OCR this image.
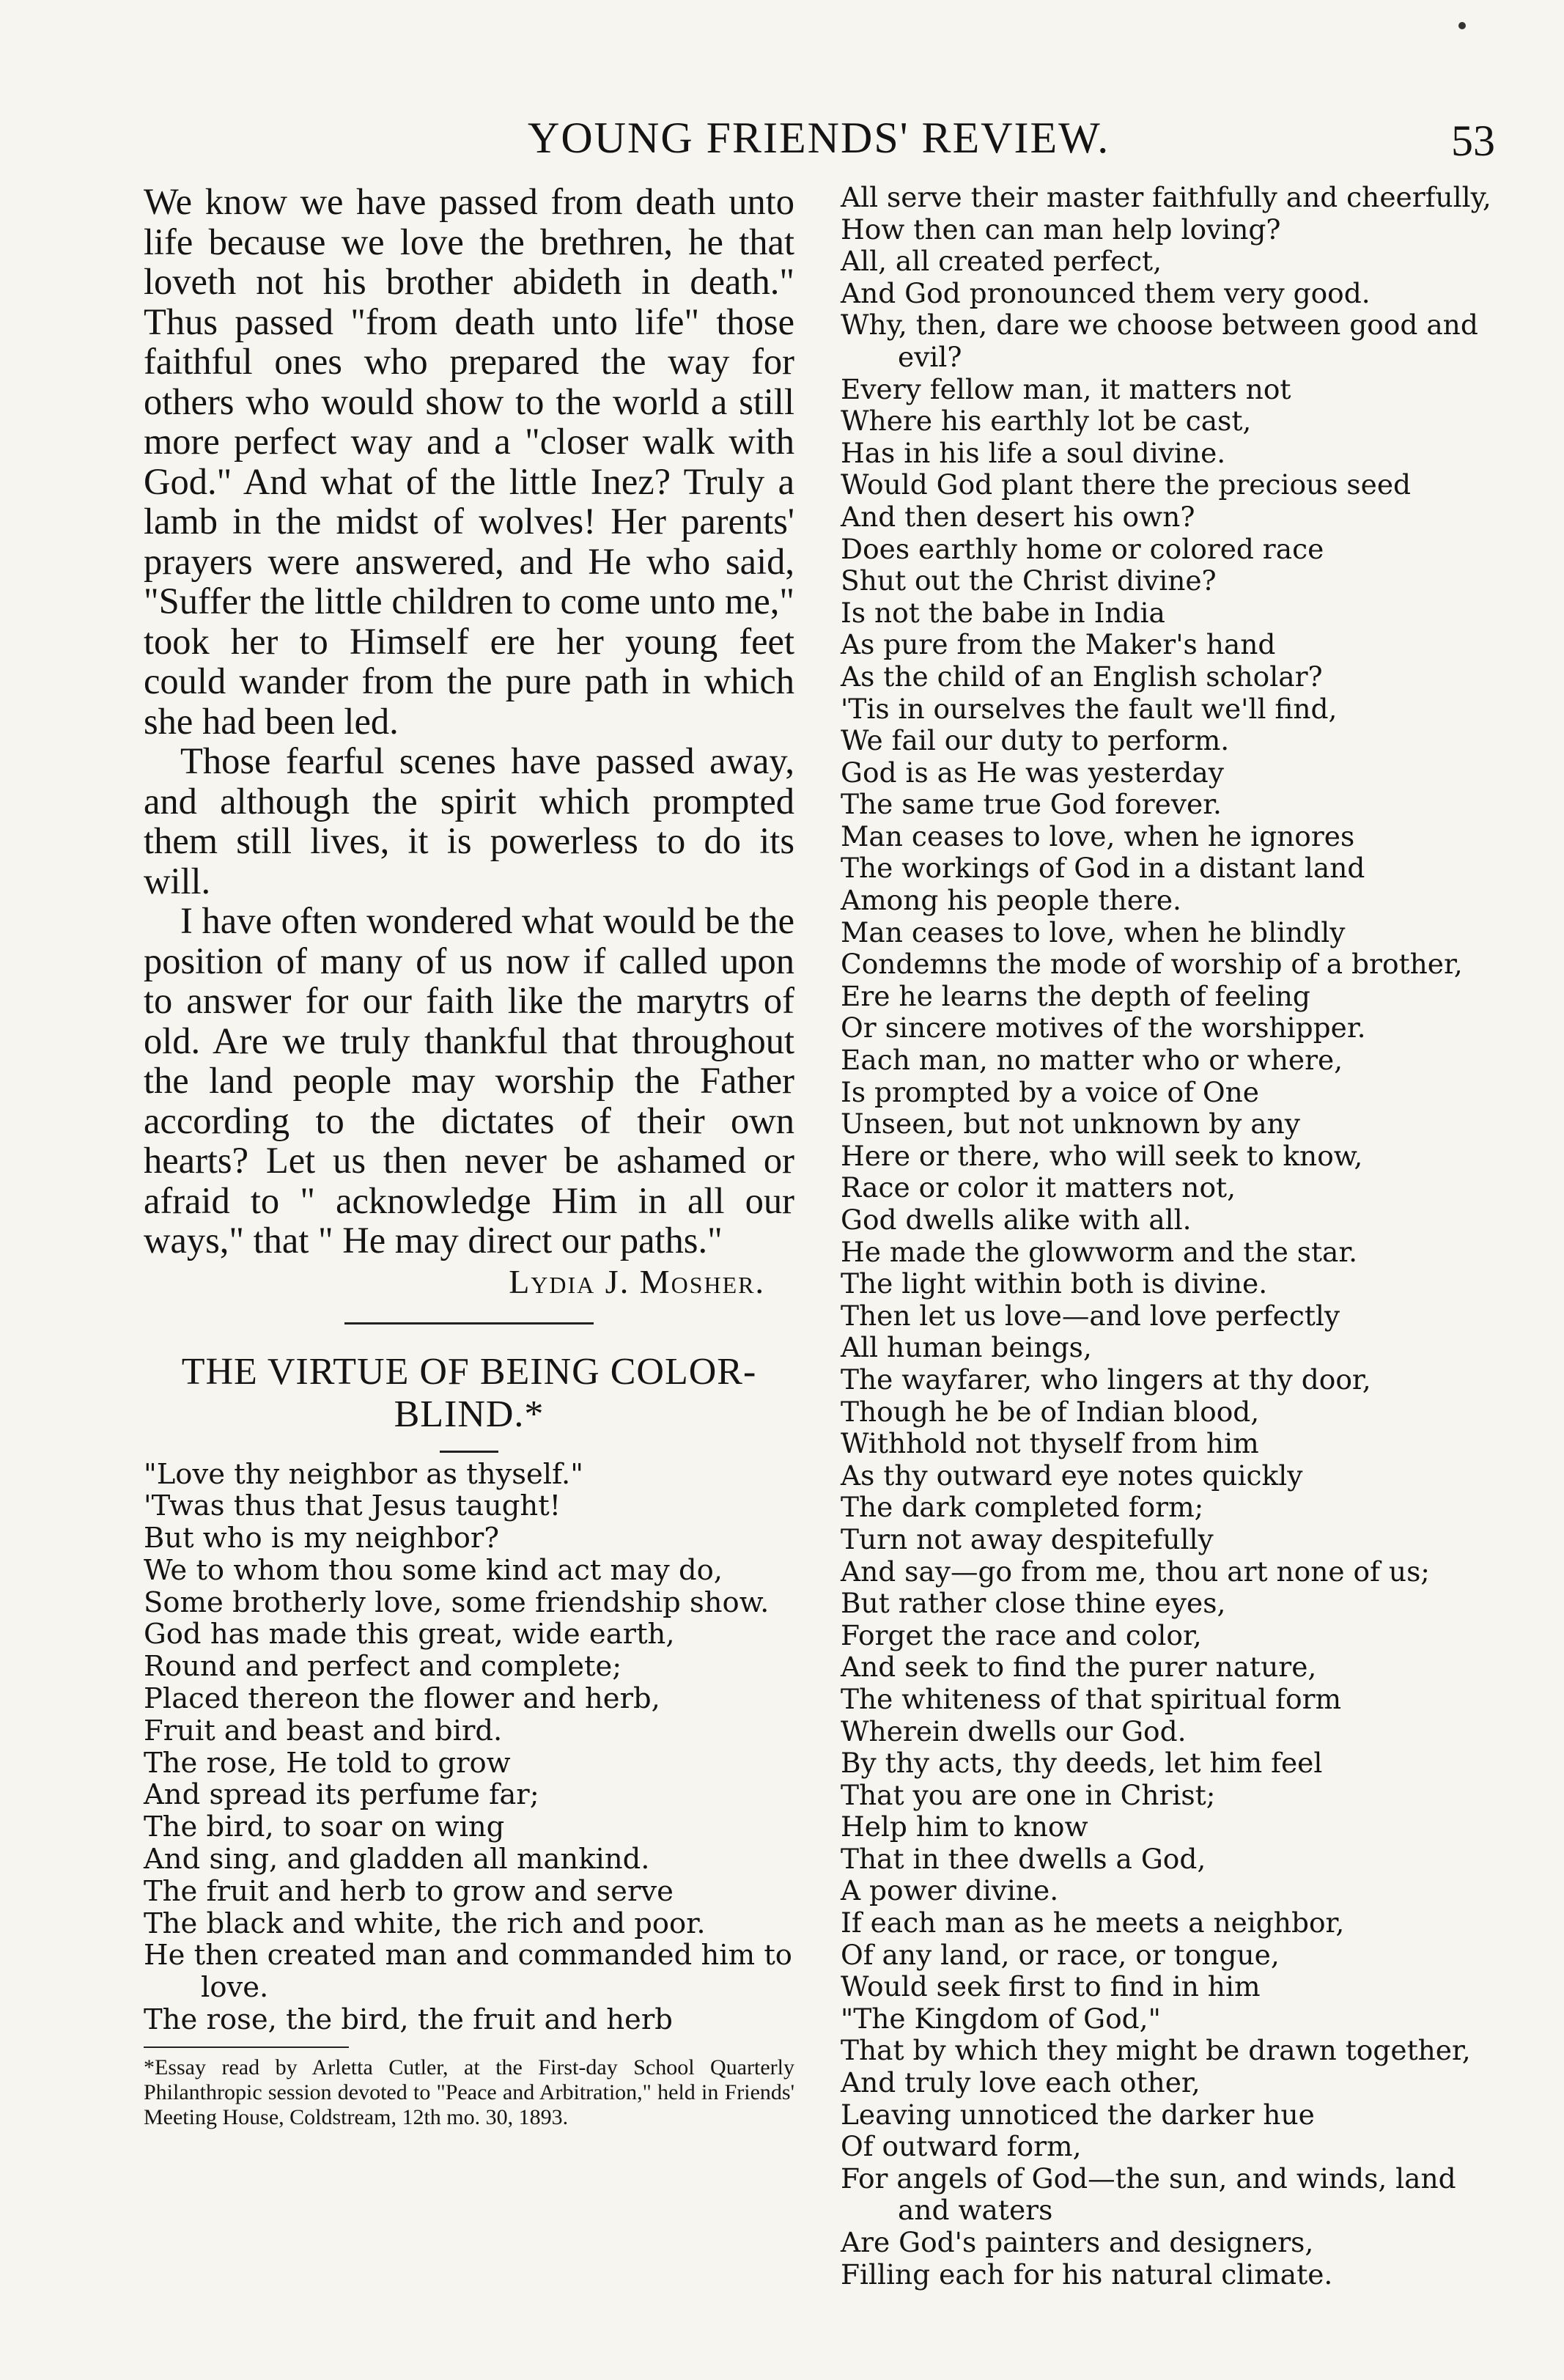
YOUNG FRIENDS' REVIEW.	53

We know we have passed from death unto life because we love the brethren, he that loveth not his brother abideth in death." Thus passed "from death unto life" those faithful ones who prepared the way for others who would show to the world a still more perfect way and a "closer walk with God." And what of the little Inez? Truly a lamb in the midst of wolves! Her parents' prayers were answered, and He who said, "Suffer the little children to come unto me," took her to Himself ere her young feet could wander from the pure path in which she had been led.

Those fearful scenes have passed away, and although the spirit which prompted them still lives, it is powerless to do its will.

I have often wondered what would be the position of many of us now if called upon to answer for our faith like the marytrs of old. Are we truly thankful that throughout the land people may worship the Father according to the dictates of their own hearts? Let us then never be ashamed or afraid to " acknowledge Him in all our ways," that " He may direct our paths."

Lydia J. Mosher.
THE VIRTUE OF BEING COLOR-BLIND.*
"Love thy neighbor as thyself."
'Twas thus that Jesus taught!
But who is my neighbor?
We to whom thou some kind act may do,
Some brotherly love, some friendship show.
God has made this great, wide earth,
Round and perfect and complete;
Placed thereon the flower and herb,
Fruit and beast and bird.
The rose, He told to grow
And spread its perfume far;
The bird, to soar on wing
And sing, and gladden all mankind.
The fruit and herb to grow and serve
The black and white, the rich and poor.
He then created man and commanded him to
love.
The rose, the bird, the fruit and herb
*Essay read by Arletta Cutler, at the First-day School Quarterly Philanthropic session devoted to "Peace and Arbitration," held in Friends' Meeting House, Coldstream, 12th mo. 30, 1893.
All serve their master faithfully and cheerfully,
How then can man help loving?
All, all created perfect,
And God pronounced them very good.
Why, then, dare we choose between good and
evil?
Every fellow man, it matters not
Where his earthly lot be cast,
Has in his life a soul divine.
Would God plant there the precious seed
And then desert his own?
Does earthly home or colored race
Shut out the Christ divine?
Is not the babe in India
As pure from the Maker's hand
As the child of an English scholar?
'Tis in ourselves the fault we'll find,
We fail our duty to perform.
God is as He was yesterday
The same true God forever.
Man ceases to love, when he ignores
The workings of God in a distant land
Among his people there.
Man ceases to love, when he blindly
Condemns the mode of worship of a brother,
Ere he learns the depth of feeling
Or sincere motives of the worshipper.
Each man, no matter who or where,
Is prompted by a voice of One
Unseen, but not unknown by any
Here or there, who will seek to know,
Race or color it matters not,
God dwells alike with all.
He made the glowworm and the star.
The light within both is divine.
Then let us love—and love perfectly
All human beings,
The wayfarer, who lingers at thy door,
Though he be of Indian blood,
Withhold not thyself from him
As thy outward eye notes quickly
The dark completed form;
Turn not away despitefully
And say—go from me, thou art none of us;
But rather close thine eyes,
Forget the race and color,
And seek to find the purer nature,
The whiteness of that spiritual form
Wherein dwells our God.
By thy acts, thy deeds, let him feel
That you are one in Christ;
Help him to know
That in thee dwells a God,
A power divine.
If each man as he meets a neighbor,
Of any land, or race, or tongue,
Would seek first to find in him
"The Kingdom of God,"
That by which they might be drawn together,
And truly love each other,
Leaving unnoticed the darker hue
Of outward form,
For angels of God—the sun, and winds, land
and waters
Are God's painters and designers,
Filling each for his natural climate.
